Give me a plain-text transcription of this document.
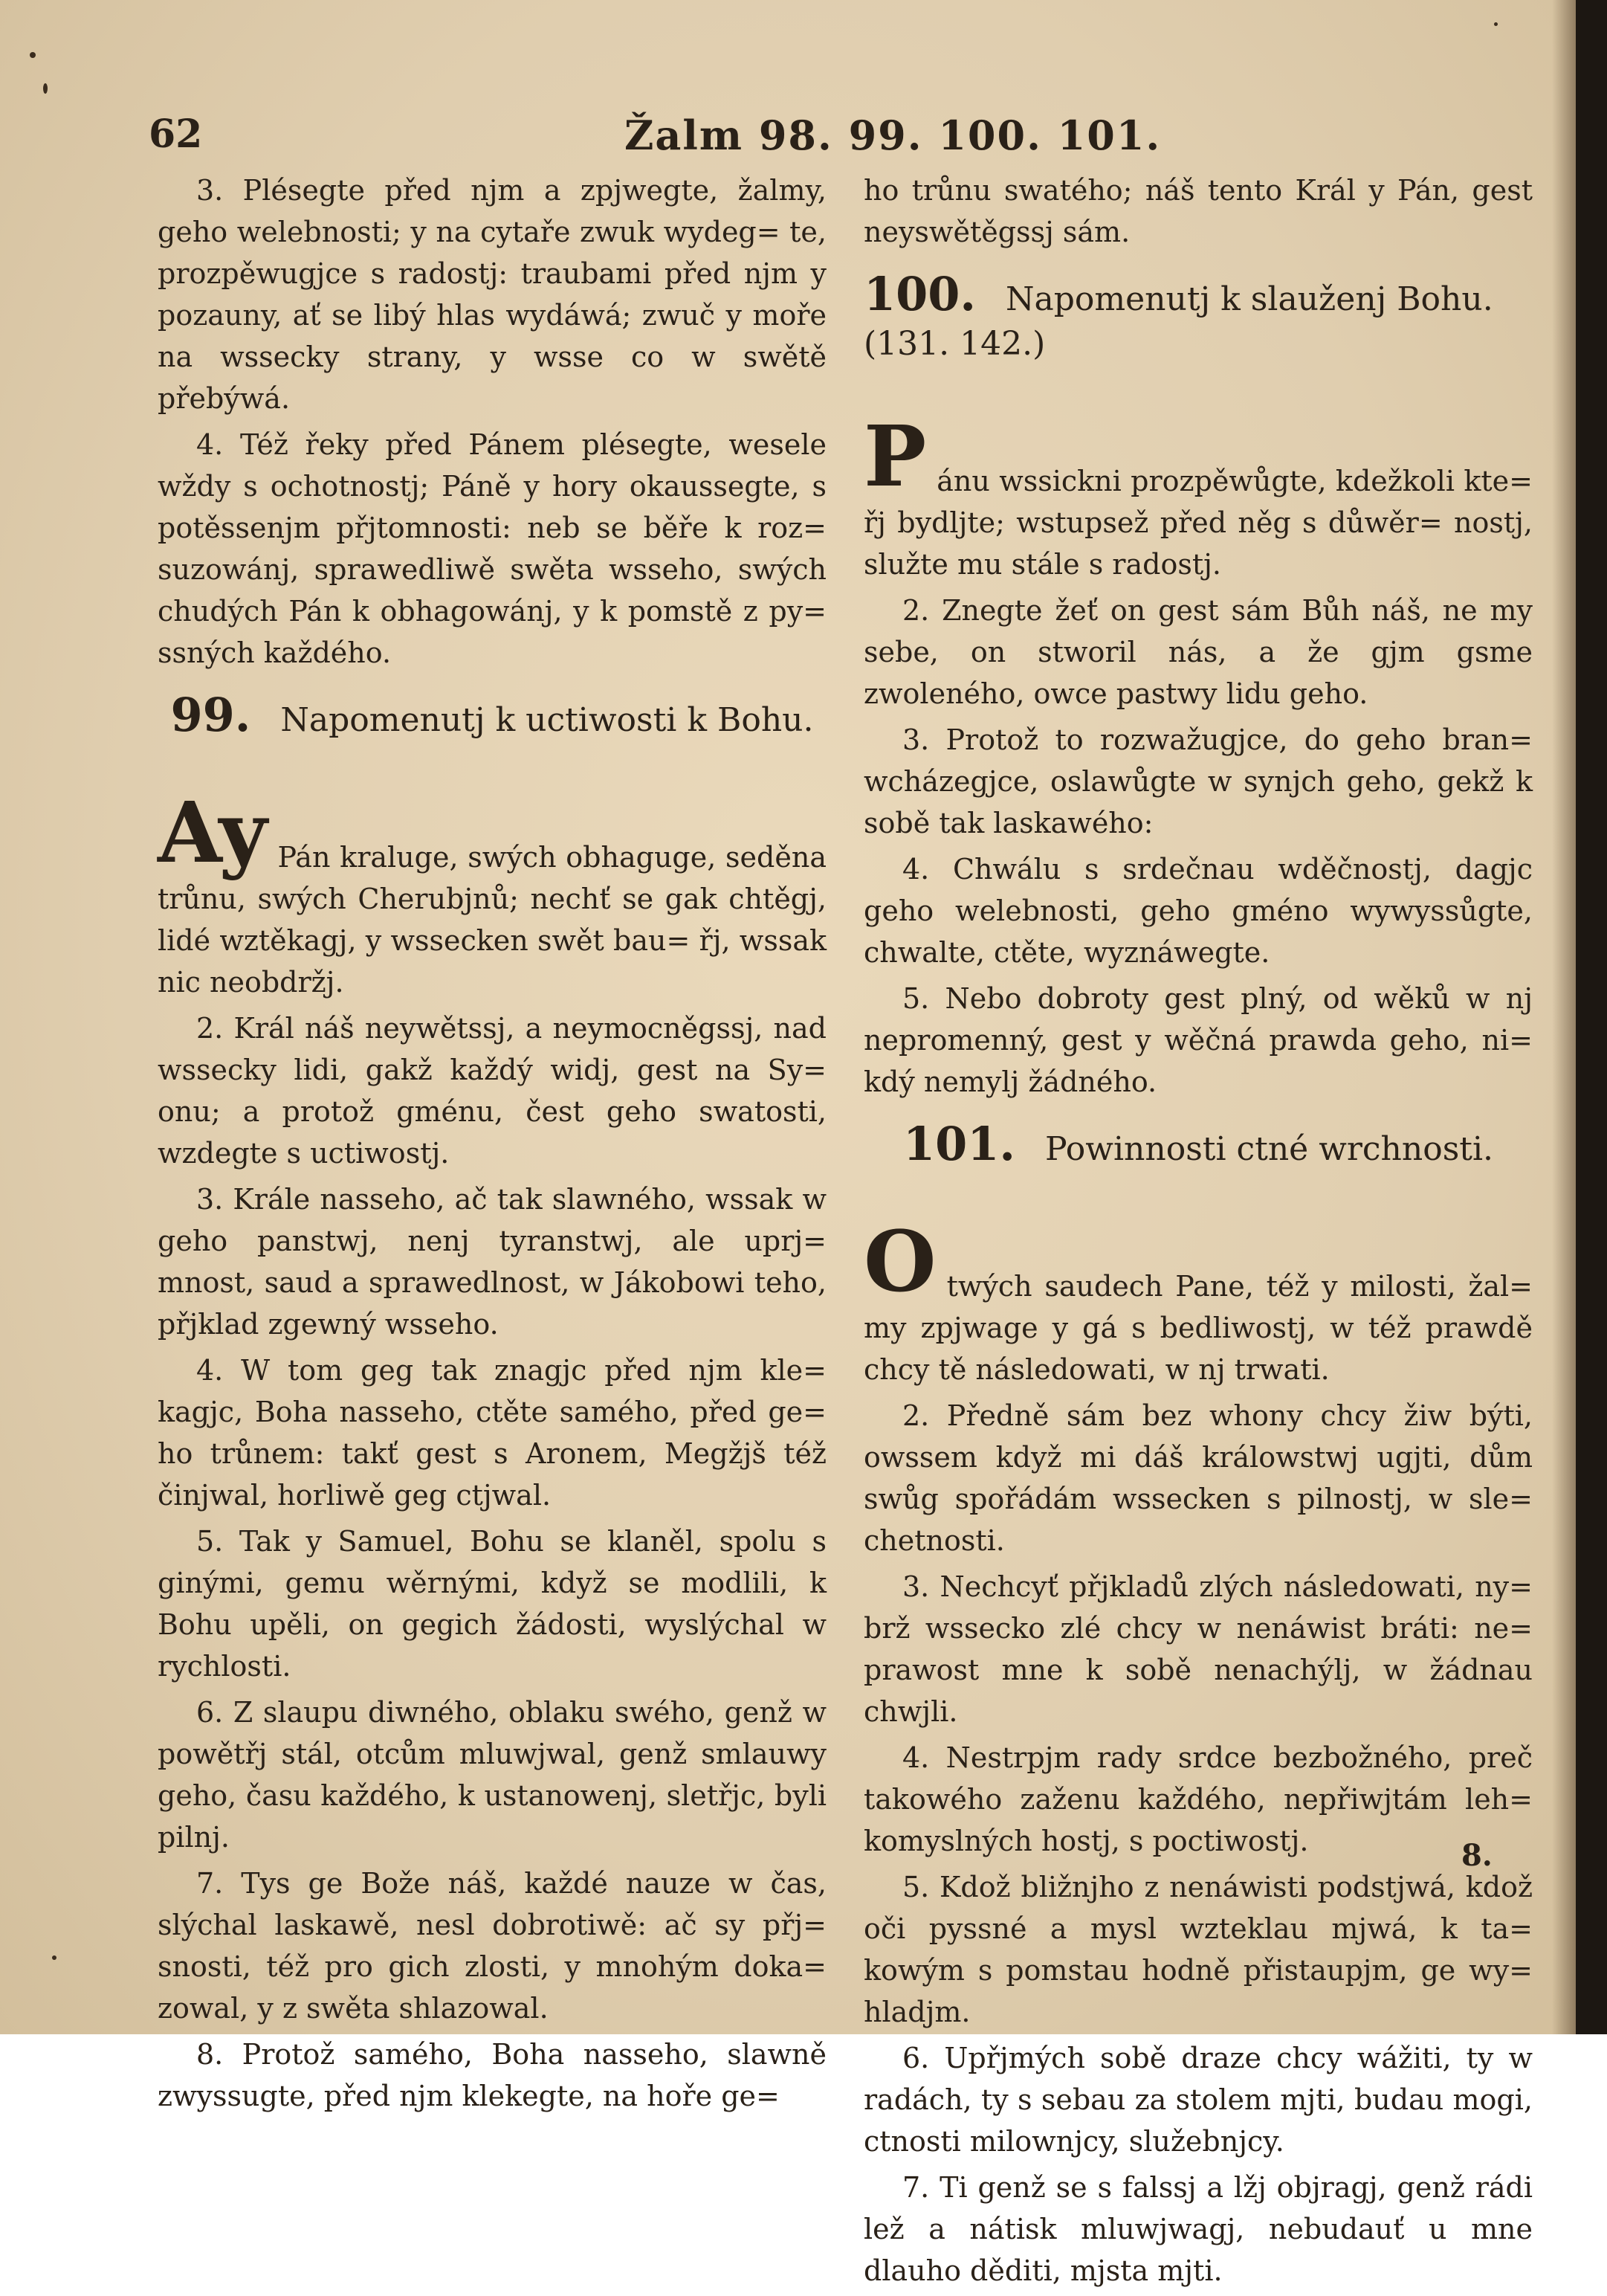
62	Žalm 98. 99. 100. 101.

3. Plésegte před njm a zpjwegte, žalmy, geho welebnosti; y na cytaře zwuk wydeg= te, prozpěwugjce s radostj: traubami před njm y pozauny, ať se libý hlas wydáwá; zwuč y moře na wsseckу strany, y wsse co w swětě přebýwá.

4. Též řeky před Pánem plésegte, wesele wždy s ochotnostj; Páně y hory okaussegte, s potěssenjm přjtomnosti: neb se běře k roz= suzowánj, sprawedliwě swěta wsseho, swých chudých Pán k obhagowánj, y k pomstě z py= ssných každého.

99. Napomenutj k uctiwosti k Bohu.

Ay Pán kralugе, swých obhaguge, seděnа trůnu, swých Cherubjnů; nechť se gak chtěgj, lidé wztěkagj, y wssecken swět bau= řj, wssak nic neobdržj.

2. Král náš neywětssj, a neymocněgssj, nad wssecky lidi, gakž každý widj, gest na Sy= onu; a protož gménu, čest geho swatosti, wzdegte s uctiwostj.

3. Krále nasseho, ač tak slawného, wssak w geho panstwj, nenj tyranstwj, ale uprj= mnost, saud a sprawedlnost, w Jákobowi teho, přjklad zgewný wsseho.

4. W tom geg tak znagjc před njm kle= kagjc, Boha nasseho, ctěte samého, před ge= ho trůnem: takť gest s Aronem, Megžjš též činjwal, horliwě geg ctjwal.

5. Tak y Samuel, Bohu se klaněl, spolu s ginými, gemu wěrnými, když se modlili, k Bohu upěli, on gegich žádosti, wyslýchal w rychlosti.

6. Z slaupu diwného, oblaku swého, genž w powětřj stál, otcům mluwjwal, genž smlauwy geho, času každého, k ustanowenj, sletřjc, byli pilnj.

7. Tys ge Bože náš, každé nauze w čas, slýchal laskawě, nesl dobrotiwě: ač sy přj= snosti, též pro gich zlosti, y mnohým doka= zowal, y z swěta shlazowal.

8. Protož samého, Boha nasseho, slawně zwyssugte, před njm klekegte, na hoře ge=

ho trůnu swatého; náš tento Král y Pán, gest neyswětěgssj sám.

100. Napomenutj k slauženj Bohu. (131. 142.)

P ánu wssickni prozpěwůgte, kdežkoli kte= řj bydljte; wstupsež před něg s důwěr= nostj, služte mu stále s radostj.

2. Znegte žeť on gest sám Bůh náš, ne my sebe, on stworil nás, a že gjm gsme zwoleného, owce pastwy lidu geho.

3. Protož to rozwažugjce, do geho bran= wcházegjce, oslawůgte w synjch geho, gekž k sobě tak laskawého:

4. Chwálu s srdečnau wděčnostj, dagjc geho welebnosti, geho gméno wywyssůgte, chwalte, ctěte, wyznáwegte.

5. Nebo dobroty gest plný, od wěků w nj nepromenný, gest y wěčná prawda geho, ni= kdý nemylj žádného.

101. Powinnosti ctné wrchnosti.

O twých saudech Pane, též y milosti, žal= my zpjwage y gá s bedliwostj, w též prawdě chcy tě následowati, w nj trwati.

2. Předně sám bez whony chcy žiw býti, owssem když mi dáš králowstwj ugjti, dům swůg spořádám wssecken s pilnostj, w sle= chetnosti.

3. Nechcyť přjkladů zlých následowati, ny= brž wssecko zlé chcy w nenáwist bráti: ne= prawost mne k sobě nenachýlj, w žádnau chwjli.

4. Nestrpjm rady srdce bezbožného, preč takowého zaženu každého, nepřiwjtám leh= komyslných hostj, s poctiwostj.

5. Kdož bližnjho z nenáwisti podstjwá, kdož oči pyssné a mysl wzteklau mjwá, k ta= kowým s pomstau hodně přistaupjm, ge wy= hladjm.

6. Upřjmých sobě draze chcy wážiti, ty w radách, ty s sebau za stolem mjti, budau mogi, ctnosti milownjcy, služebnjcy.

7. Ti genž se s falssj a lžj objragj, genž rádi lež a nátisk mluwjwagj, nebudauť u mne dlauho děditi, mjsta mjti.

8.
